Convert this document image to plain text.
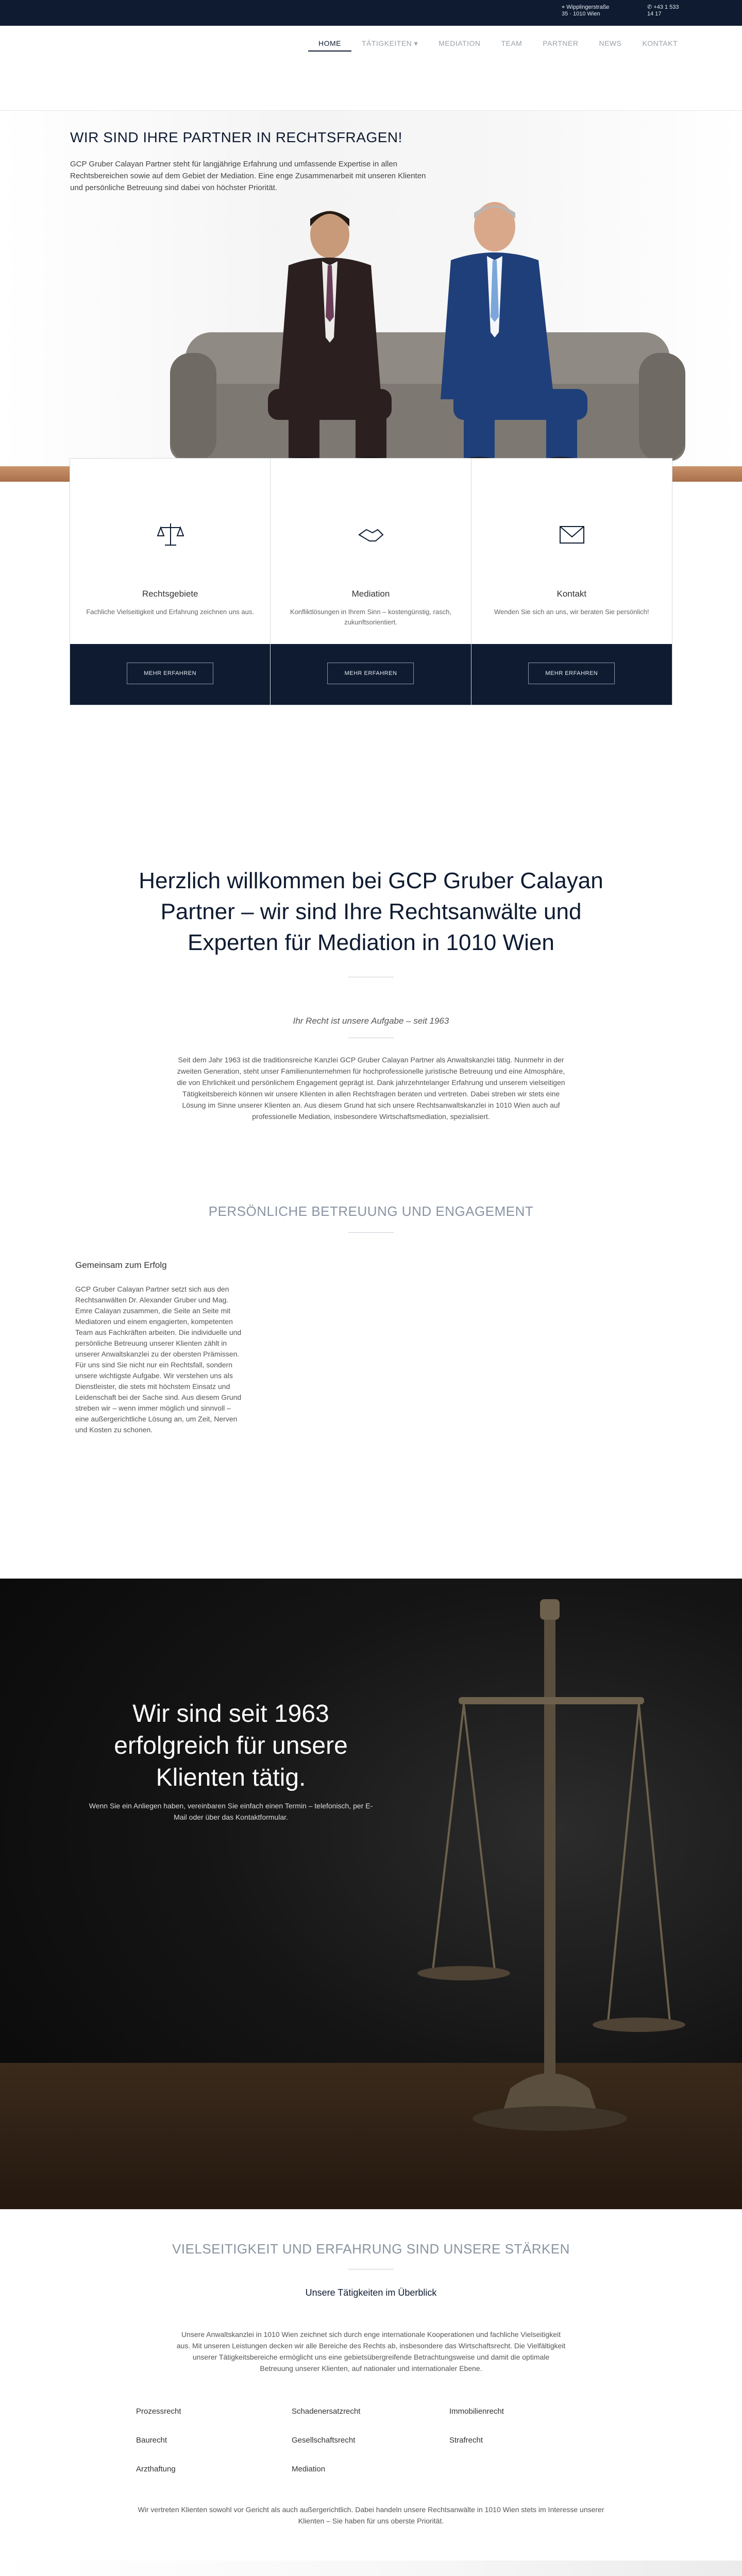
⌖ Wipplingerstraße
35 · 1010 Wien
✆ +43 1 533
14 17
HOME	TÄTIGKEITEN ▾	MEDIATION	TEAM	PARTNER	NEWS	KONTAKT
WIR SIND IHRE PARTNER IN RECHTSFRAGEN!

GCP Gruber Calayan Partner steht für langjährige Erfahrung und umfassende Expertise in allen Rechtsbereichen sowie auf dem Gebiet der Mediation. Eine enge Zusammenarbeit mit unseren Klienten und persönliche Betreuung sind dabei von höchster Priorität.

Rechtsgebiete
Fachliche Vielseitigkeit und Erfahrung zeichnen uns aus.
MEHR ERFAHREN
Mediation
Konfliktlösungen in Ihrem Sinn – kostengünstig, rasch, zukunftsorientiert.
MEHR ERFAHREN
Kontakt
Wenden Sie sich an uns, wir beraten Sie persönlich!
MEHR ERFAHREN
Herzlich willkommen bei GCP Gruber Calayan Partner – wir sind Ihre Rechtsanwälte und Experten für Mediation in 1010 Wien
Ihr Recht ist unsere Aufgabe – seit 1963
Seit dem Jahr 1963 ist die traditionsreiche Kanzlei GCP Gruber Calayan Partner als Anwaltskanzlei tätig. Nunmehr in der zweiten Generation, steht unser Familienunternehmen für hochprofessionelle juristische Betreuung und eine Atmosphäre, die von Ehrlichkeit und persönlichem Engagement geprägt ist. Dank jahrzehntelanger Erfahrung und unserem vielseitigen Tätigkeitsbereich können wir unsere Klienten in allen Rechtsfragen beraten und vertreten. Dabei streben wir stets eine Lösung im Sinne unserer Klienten an. Aus diesem Grund hat sich unsere Rechtsanwaltskanzlei in 1010 Wien auch auf professionelle Mediation, insbesondere Wirtschaftsmediation, spezialisiert.
PERSÖNLICHE BETREUUNG UND ENGAGEMENT
Gemeinsam zum Erfolg
GCP Gruber Calayan Partner setzt sich aus den Rechtsanwälten Dr. Alexander Gruber und Mag. Emre Calayan zusammen, die Seite an Seite mit Mediatoren und einem engagierten, kompetenten Team aus Fachkräften arbeiten. Die individuelle und persönliche Betreuung unserer Klienten zählt in unserer Anwaltskanzlei zu der obersten Prämissen. Für uns sind Sie nicht nur ein Rechtsfall, sondern unsere wichtigste Aufgabe. Wir verstehen uns als Dienstleister, die stets mit höchstem Einsatz und Leidenschaft bei der Sache sind. Aus diesem Grund streben wir – wenn immer möglich und sinnvoll – eine außergerichtliche Lösung an, um Zeit, Nerven und Kosten zu schonen.
Wir sind seit 1963 erfolgreich für unsere Klienten tätig.

Wenn Sie ein Anliegen haben, vereinbaren Sie einfach einen Termin – telefonisch, per E-Mail oder über das Kontaktformular.

VIELSEITIGKEIT UND ERFAHRUNG SIND UNSERE STÄRKEN
Unsere Tätigkeiten im Überblick
Unsere Anwaltskanzlei in 1010 Wien zeichnet sich durch enge internationale Kooperationen und fachliche Vielseitigkeit aus. Mit unseren Leistungen decken wir alle Bereiche des Rechts ab, insbesondere das Wirtschaftsrecht. Die Vielfältigkeit unserer Tätigkeitsbereiche ermöglicht uns eine gebietsübergreifende Betrachtungsweise und damit die optimale Betreuung unserer Klienten, auf nationaler und internationaler Ebene.
Prozessrecht	Schadenersatzrecht	Immobilienrecht
Baurecht	Gesellschaftsrecht	Strafrecht
Arzthaftung	Mediation
Wir vertreten Klienten sowohl vor Gericht als auch außergerichtlich. Dabei handeln unsere Rechtsanwälte in 1010 Wien stets im Interesse unserer Klienten – Sie haben für uns oberste Priorität.
